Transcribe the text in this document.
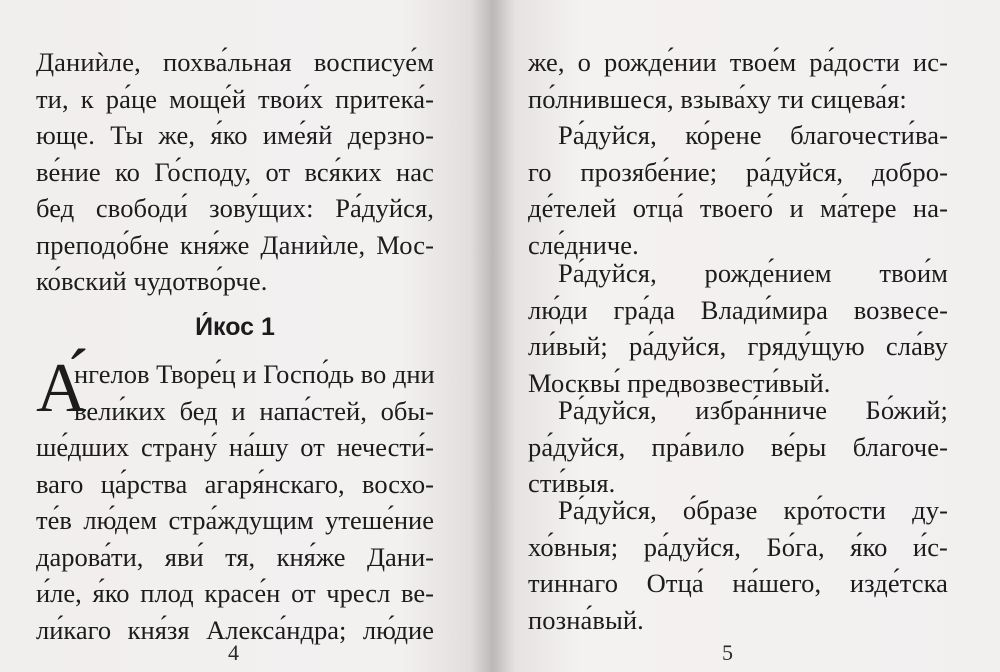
Даниѝле, похва́льная восписуе́м
ти, к ра́це моще́й твои́х притека́-
юще. Ты же, я́ко име́яй дерзно-
ве́ние ко Го́споду, от вся́ких нас
бед свободи́ зову́щих: Ра́дуйся,
преподо́бне кня́же Даниѝле, Мос-
ко́вский чудотво́рче.
И́кос 1
А́
нгелов Творе́ц и Госпо́дь во дни
вели́ких бед и напа́стей, обы-
ше́дших страну́ на́шу от нечести́-
ваго ца́рства агаря́нскаго, восхо-
те́в лю́дем стра́ждущим утеше́ние
дарова́ти, яви́ тя, кня́же Дани-
и́ле, я́ко плод красе́н от чресл ве-
ли́каго кня́зя Алекса́ндра; лю́дие
4
же, о рожде́нии твое́м ра́дости ис-
по́лнившеся, взыва́ху ти сицева́я:
Ра́дуйся, ко́рене благочести́ва-
го прозябе́ние; ра́дуйся, добро-
де́телей отца́ твоего́ и ма́тере на-
сле́дниче.
Ра́дуйся, рожде́нием твои́м
лю́ди гра́да Влади́мира возвесе-
ли́вый; ра́дуйся, гряду́щую сла́ву
Москвы́ предвозвести́вый.
Ра́дуйся, избра́нниче Бо́жий;
ра́дуйся, пра́вило ве́ры благоче-
сти́выя.
Ра́дуйся, о́бразе кро́тости ду-
хо́вныя; ра́дуйся, Бо́га, я́ко и́с-
тиннаго Отца́ на́шего, изде́тска
позна́вый.
5
